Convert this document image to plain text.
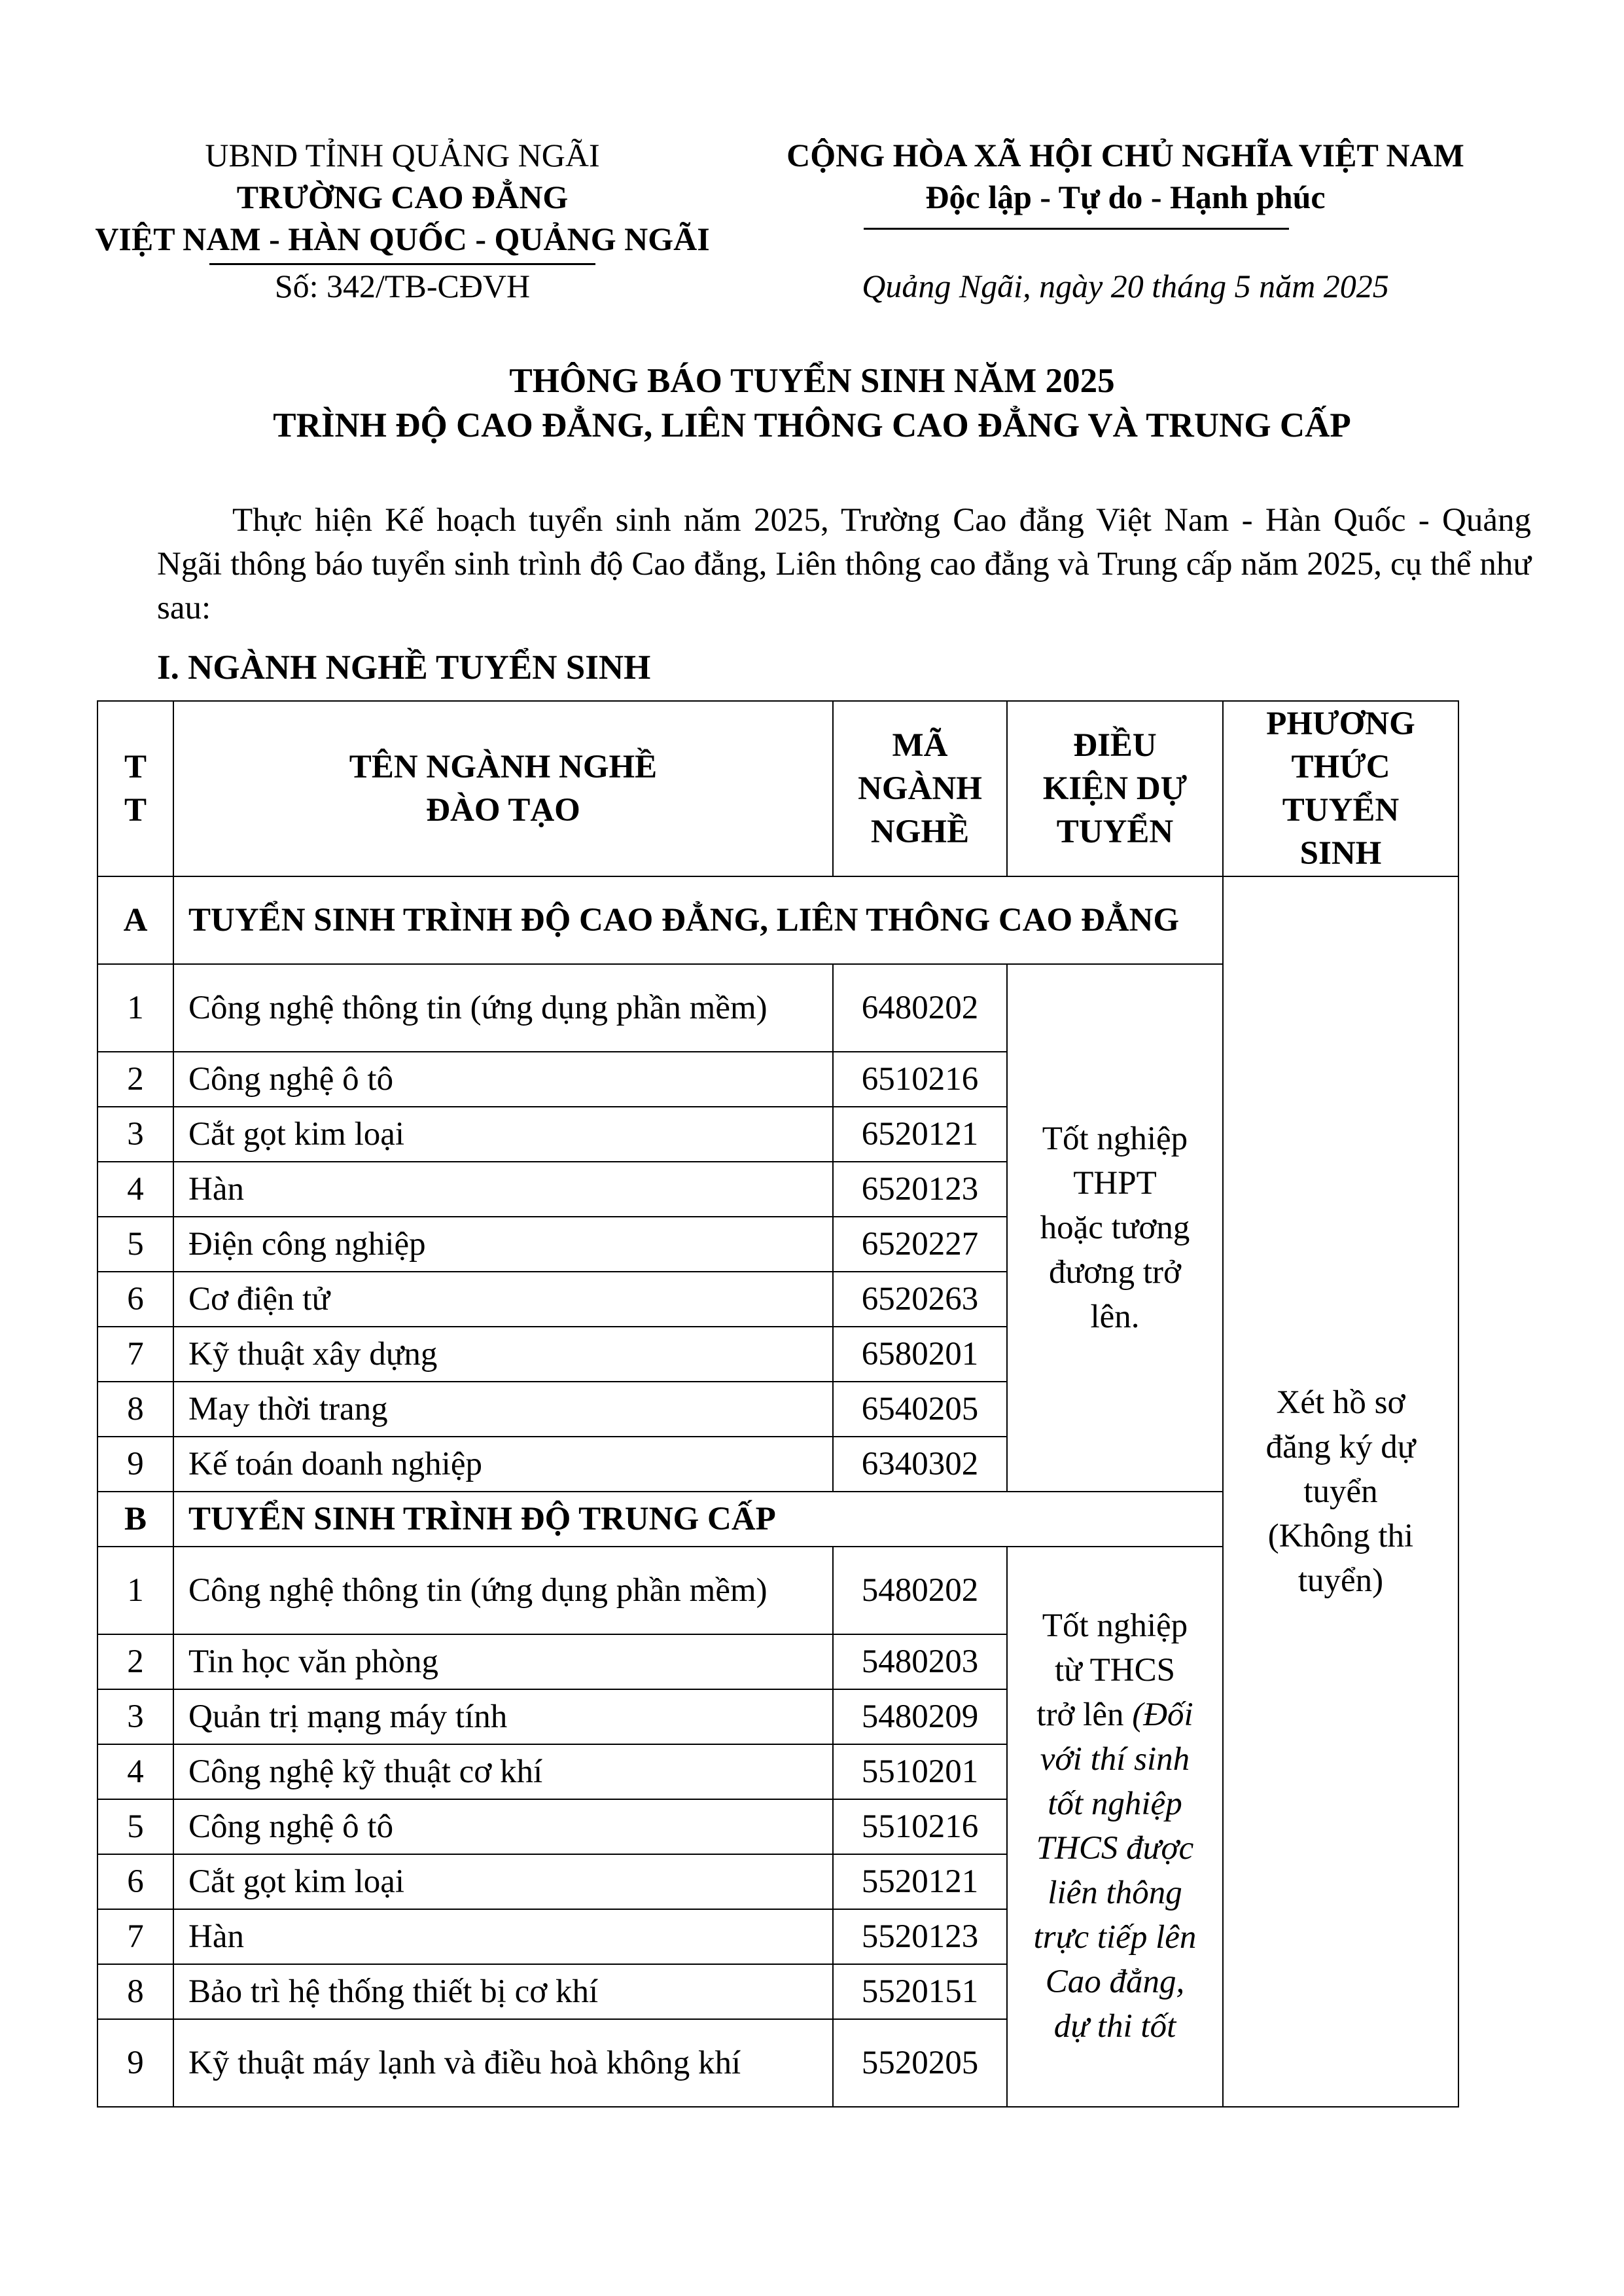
UBND TỈNH QUẢNG NGÃI
TRƯỜNG CAO ĐẲNG
VIỆT NAM - HÀN QUỐC - QUẢNG NGÃI
Số: 342/TB-CĐVH
CỘNG HÒA XÃ HỘI CHỦ NGHĨA VIỆT NAM
Độc lập - Tự do - Hạnh phúc
Quảng Ngãi, ngày 20 tháng 5 năm 2025
THÔNG BÁO TUYỂN SINH NĂM 2025
TRÌNH ĐỘ CAO ĐẲNG, LIÊN THÔNG CAO ĐẲNG VÀ TRUNG CẤP
Thực hiện Kế hoạch tuyển sinh năm 2025, Trường Cao đẳng Việt Nam - Hàn Quốc - Quảng Ngãi thông báo tuyển sinh trình độ Cao đẳng, Liên thông cao đẳng và Trung cấp năm 2025, cụ thể như sau:
I. NGÀNH NGHỀ TUYỂN SINH
T T	TÊN NGÀNH NGHỀ ĐÀO TẠO	MÃ NGÀNH NGHỀ	ĐIỀU KIỆN DỰ TUYỂN	PHƯƠNG THỨC TUYỂN SINH

A	TUYỂN SINH TRÌNH ĐỘ CAO ĐẲNG, LIÊN THÔNG CAO ĐẲNG			Xét hồ sơ đăng ký dự tuyển (Không thi tuyển)

1	Công nghệ thông tin (ứng dụng phần mềm)	6480202	Tốt nghiệp THPT hoặc tương đương trở lên.	

2	Công nghệ ô tô	6510216		
3	Cắt gọt kim loại	6520121		
4	Hàn	6520123		
5	Điện công nghiệp	6520227		
6	Cơ điện tử	6520263		
7	Kỹ thuật xây dựng	6580201		
8	May thời trang	6540205		
9	Kế toán doanh nghiệp	6340302		
B	TUYỂN SINH TRÌNH ĐỘ TRUNG CẤP			
1	Công nghệ thông tin (ứng dụng phần mềm)	5480202	Tốt nghiệp từ THCS trở lên (Đối với thí sinh tốt nghiệp THCS được liên thông trực tiếp lên Cao đẳng, dự thi tốt	

2	Tin học văn phòng	5480203		
3	Quản trị mạng máy tính	5480209		
4	Công nghệ kỹ thuật cơ khí	5510201		
5	Công nghệ ô tô	5510216		
6	Cắt gọt kim loại	5520121		
7	Hàn	5520123		
8	Bảo trì hệ thống thiết bị cơ khí	5520151		
9	Kỹ thuật máy lạnh và điều hoà không khí	5520205		
